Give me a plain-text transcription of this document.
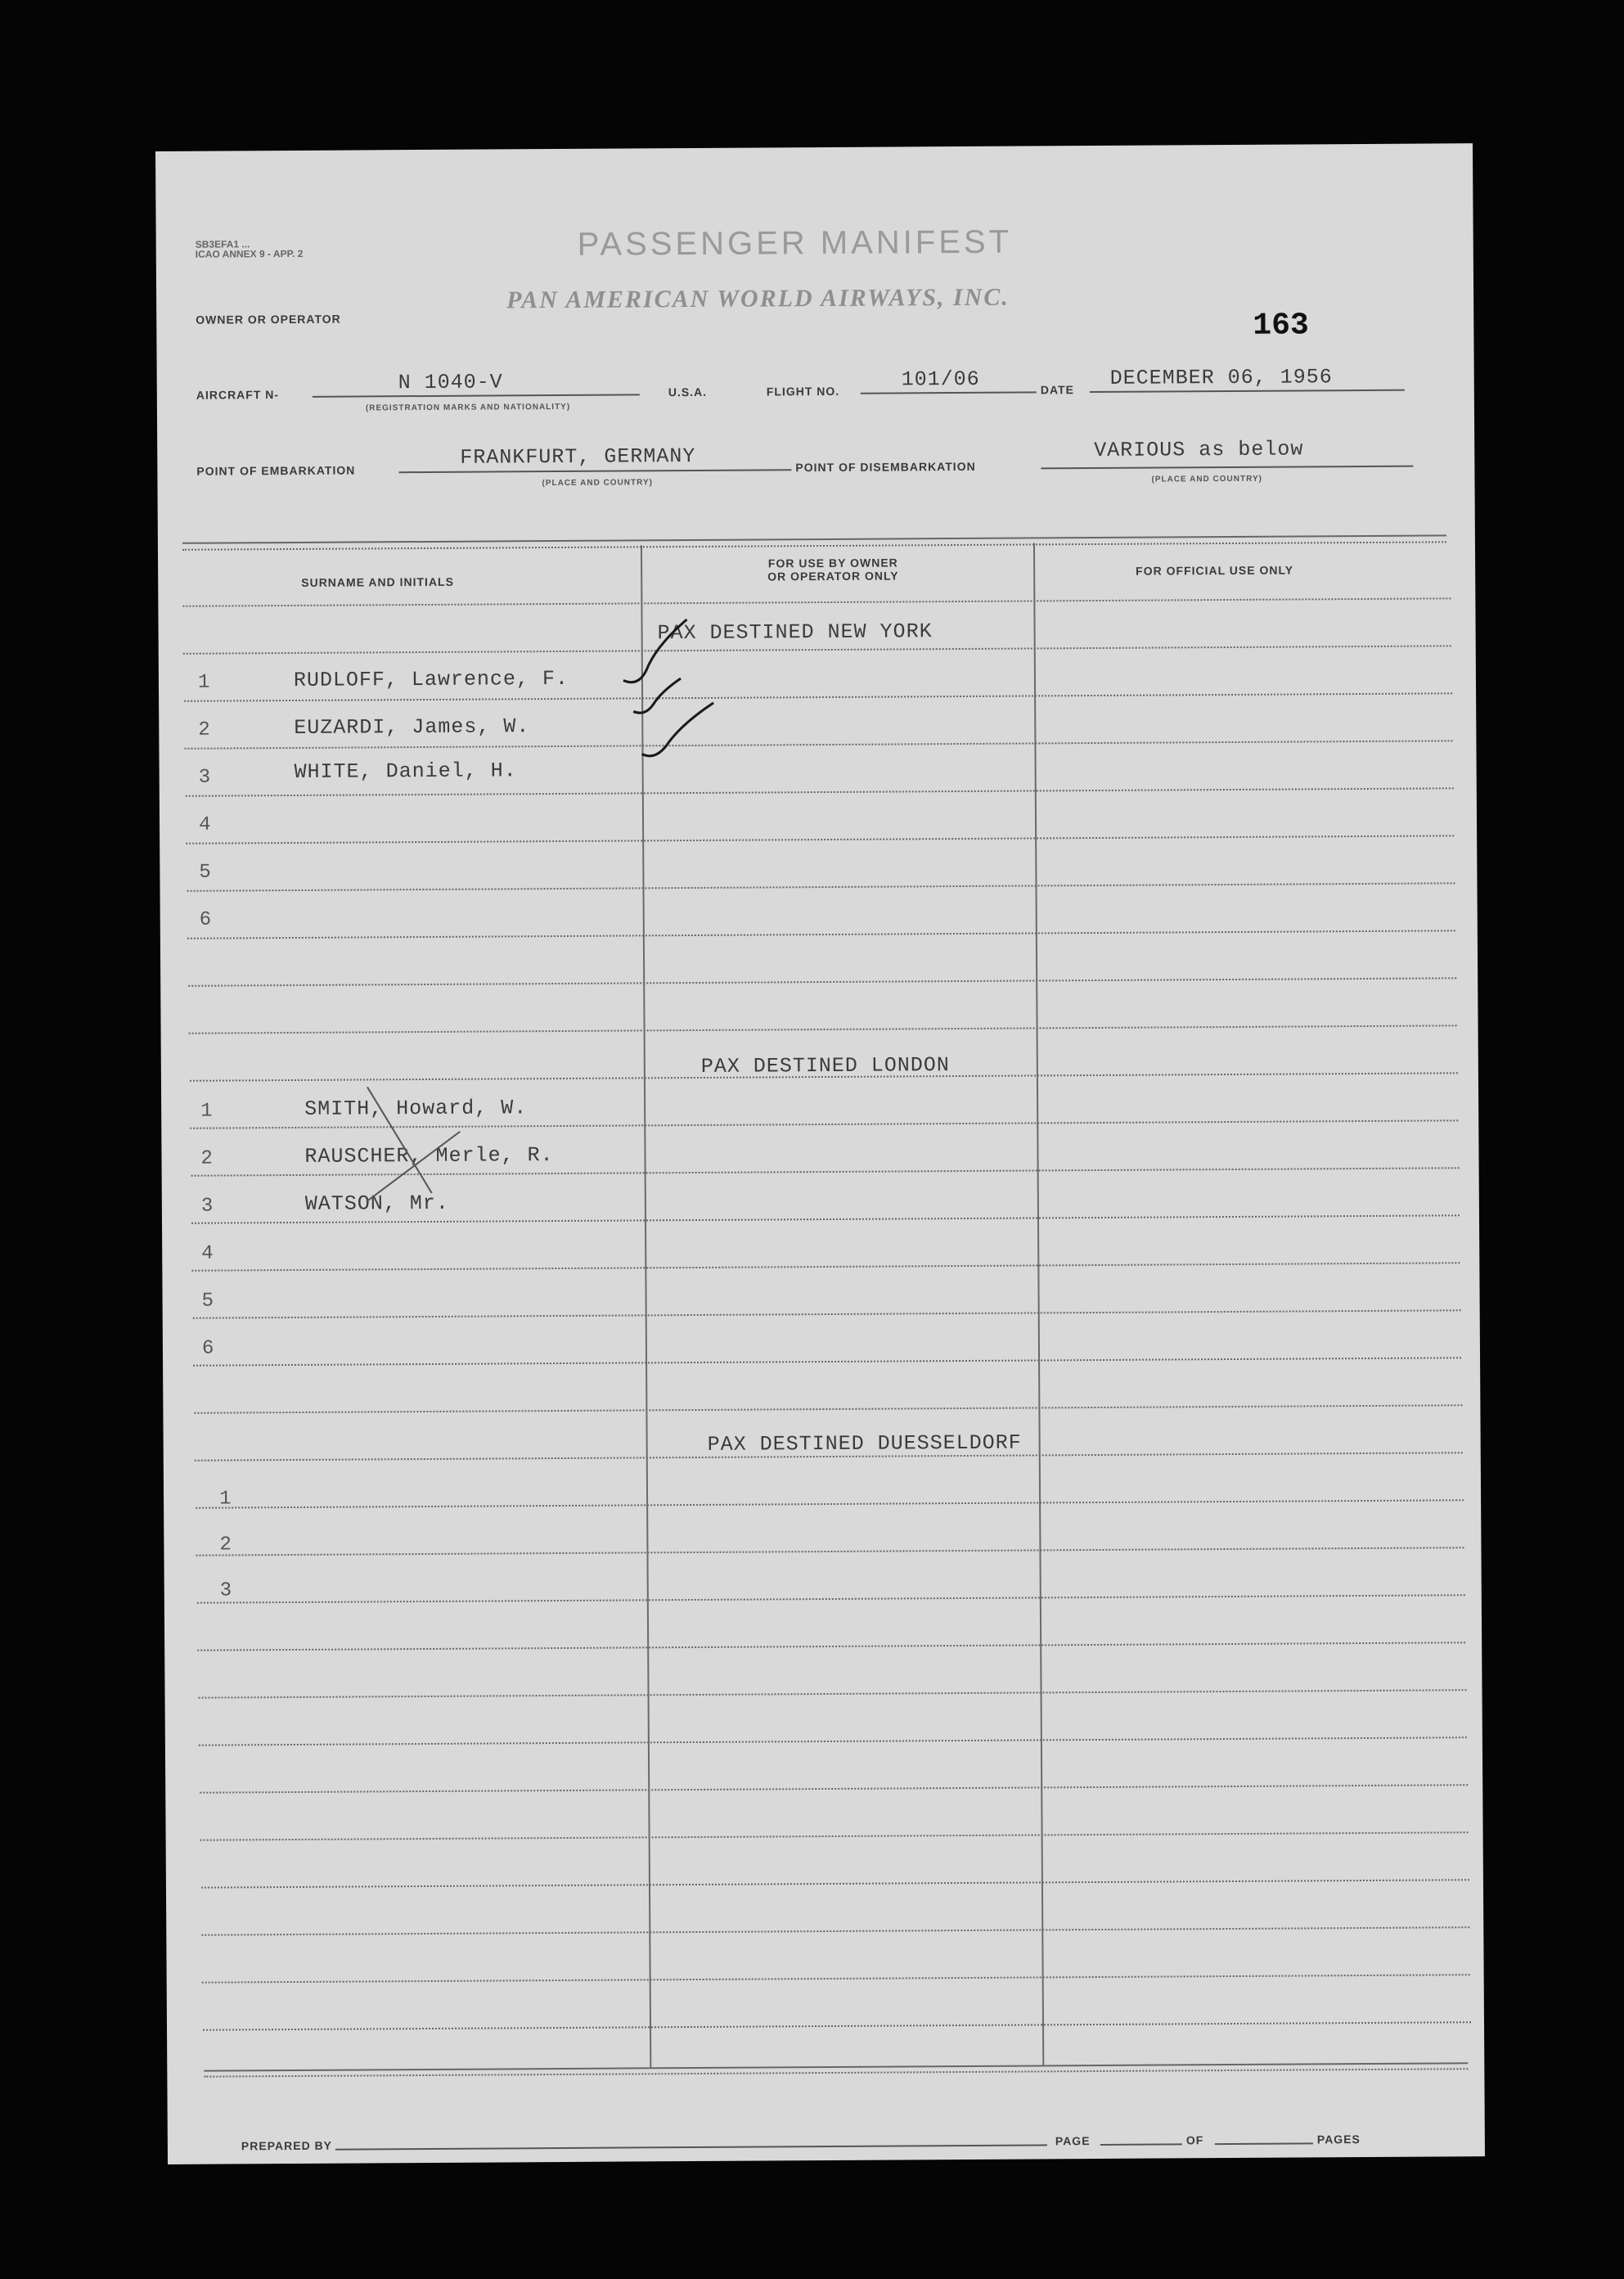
SB3EFA1 ...
ICAO ANNEX 9 - APP. 2	PASSENGER MANIFEST
OWNER OR OPERATOR
PAN AMERICAN WORLD AIRWAYS, INC.
163
AIRCRAFT N-
N 1040-V
(REGISTRATION MARKS AND NATIONALITY)
U.S.A.	FLIGHT NO.	101/06	DATE DECEMBER 06, 1956
POINT OF EMBARKATION
FRANKFURT, GERMANY
(PLACE AND COUNTRY)
POINT OF DISEMBARKATION
VARIOUS as below
(PLACE AND COUNTRY)
SURNAME AND INITIALS
FOR USE BY OWNER
OR OPERATOR ONLY	FOR OFFICIAL USE ONLY
PAX DESTINED NEW YORK
1	RUDLOFF, Lawrence, F.
2	EUZARDI, James, W.
3	WHITE, Daniel, H.
4
5
6
PAX DESTINED LONDON
1	SMITH, Howard, W.
2	RAUSCHER, Merle, R.
3	WATSON, Mr.
4
5
6
PAX DESTINED DUESSELDORF
1
2
3
PREPARED BY	PAGE	OF	PAGES
